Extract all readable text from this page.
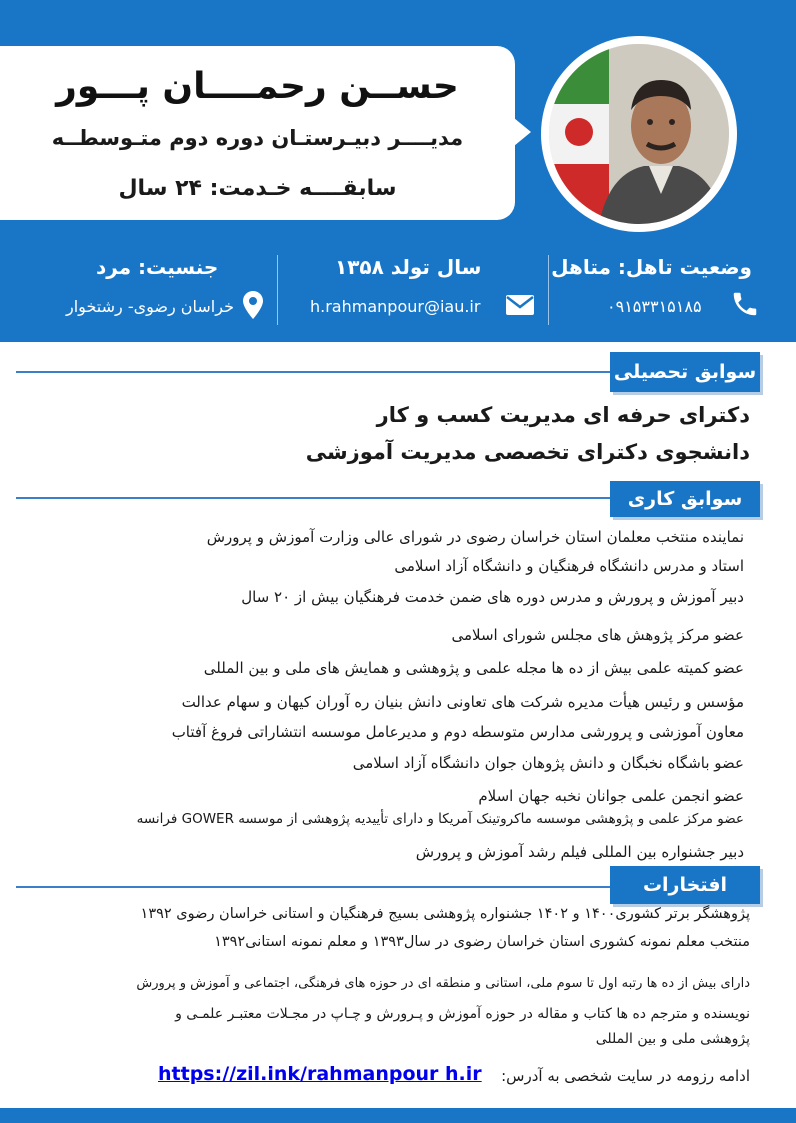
حســن رحمــــان پـــور
مدیــــر دبیـرستـان دوره دوم متـوسطــه
سابقــــه خـدمت: ۲۴ سال
وضعیت تاهل: متاهل
سال تولد ۱۳۵۸
جنسیت: مرد
۰۹۱۵۳۳۱۵۱۸۵
h.rahmanpour@iau.ir
خراسان رضوی- رشتخوار
سوابق تحصیلی
دکترای حرفه ای مدیریت کسب و کار
دانشجوی دکترای تخصصی مدیریت آموزشی
سوابق کاری
نماینده منتخب معلمان استان خراسان رضوی در شورای عالی وزارت آموزش و پرورش
استاد و مدرس دانشگاه فرهنگیان و دانشگاه آزاد اسلامی
دبیر آموزش و پرورش و مدرس دوره های ضمن خدمت فرهنگیان بیش از ۲۰ سال
عضو مرکز پژوهش های مجلس شورای اسلامی
عضو کمیته علمی بیش از ده ها مجله علمی و پژوهشی و همایش های ملی و بین المللی
مؤسس و رئیس هیأت مدیره شرکت های تعاونی دانش بنیان ره آوران کیهان و سهام عدالت
معاون آموزشی و پرورشی مدارس متوسطه دوم و مدیرعامل موسسه انتشاراتی فروغ آفتاب
عضو باشگاه نخبگان و دانش پژوهان جوان دانشگاه آزاد اسلامی
عضو انجمن علمی جوانان نخبه جهان اسلام
عضو مرکز علمی و پژوهشی موسسه ماکروتینک آمریکا و دارای تأییدیه پژوهشی از موسسه GOWER فرانسه
دبیر جشنواره بین المللی فیلم رشد آموزش و پرورش
افتخارات
پژوهشگر برتر کشوری۱۴۰۰ و ۱۴۰۲ جشنواره پژوهشی بسیج فرهنگیان و استانی خراسان رضوی ۱۳۹۲
منتخب معلم نمونه کشوری استان خراسان رضوی در سال۱۳۹۳ و معلم نمونه استانی۱۳۹۲
دارای بیش از ده ها رتبه اول تا سوم ملی، استانی و منطقه ای در حوزه های فرهنگی، اجتماعی و آموزش و پرورش
نویسنده و مترجم ده ها کتاب و مقاله در حوزه آموزش و پـرورش و چـاپ در مجـلات معتبـر علمـی و
پژوهشی ملی و بین المللی
ادامه رزومه در سایت شخصی به آدرس:
https://zil.ink/rahmanpour h.ir
